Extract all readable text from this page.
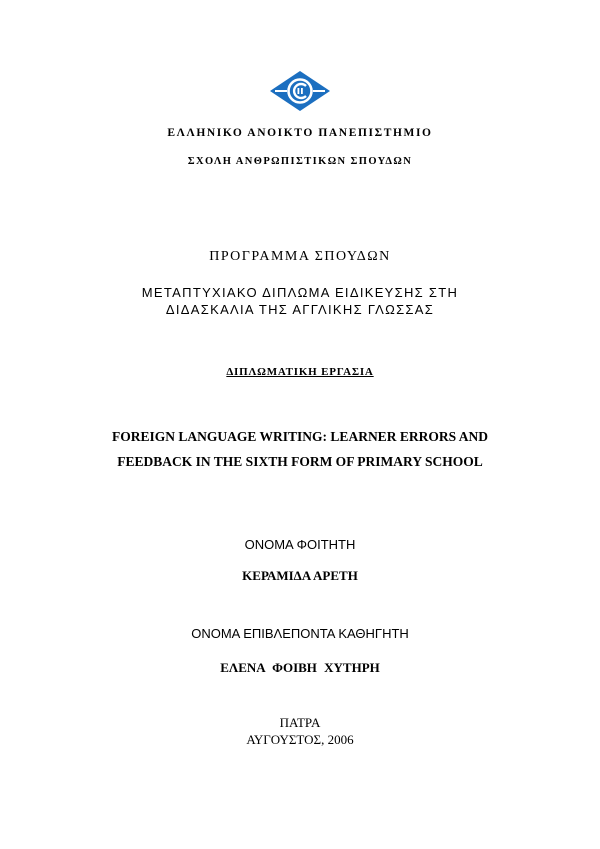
ΕΛΛΗΝΙΚΟ ΑΝΟΙΚΤΟ ΠΑΝΕΠΙΣΤΗΜΙΟ
ΣΧΟΛΗ ΑΝΘΡΩΠΙΣΤΙΚΩΝ ΣΠΟΥΔΩΝ
ΠΡΟΓΡΑΜΜΑ ΣΠΟΥΔΩΝ
ΜΕΤΑΠΤΥΧΙΑΚΟ ΔΙΠΛΩΜΑ ΕΙΔΙΚΕΥΣΗΣ ΣΤΗ
ΔΙΔΑΣΚΑΛΙΑ ΤΗΣ ΑΓΓΛΙΚΗΣ ΓΛΩΣΣΑΣ
ΔΙΠΛΩΜΑΤΙΚΗ ΕΡΓΑΣΙΑ
FOREIGN LANGUAGE WRITING: LEARNER ERRORS AND
FEEDBACK IN THE SIXTH FORM OF PRIMARY SCHOOL
ΟΝΟΜΑ ΦΟΙΤΗΤΗ
ΚΕΡΑΜΙΔΑ ΑΡΕΤΗ
ΟΝΟΜΑ ΕΠΙΒΛΕΠΟΝΤΑ ΚΑΘΗΓΗΤΗ
ΕΛΕΝΑ ΦΟΙΒΗ ΧΥΤΗΡΗ
ΠΑΤΡΑ
ΑΥΓΟΥΣΤΟΣ, 2006
